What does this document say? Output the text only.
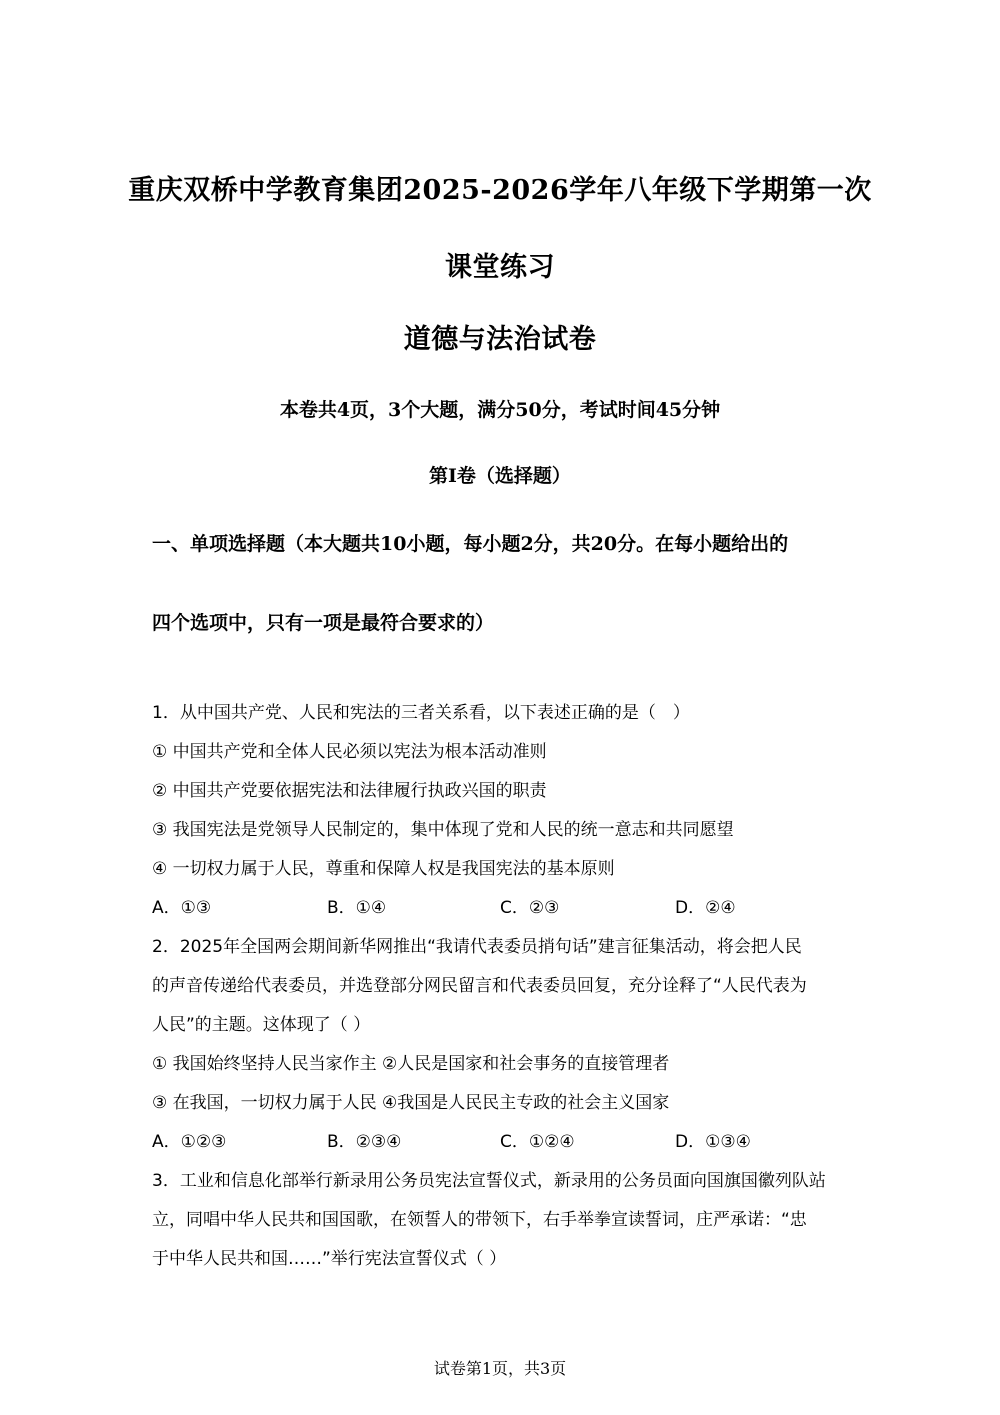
重庆双桥中学教育集团2025-2026学年八年级下学期第一次
课堂练习
道德与法治试卷
本卷共4页，3个大题，满分50分，考试时间45分钟
第I卷（选择题）
一、单项选择题（本大题共10小题，每小题2分，共20分。在每小题给出的
四个选项中，只有一项是最符合要求的）
1．从中国共产党、人民和宪法的三者关系看，以下表述正确的是（　）
① 中国共产党和全体人民必须以宪法为根本活动准则
② 中国共产党要依据宪法和法律履行执政兴国的职责
③ 我国宪法是党领导人民制定的，集中体现了党和人民的统一意志和共同愿望
④ 一切权力属于人民，尊重和保障人权是我国宪法的基本原则
A．①③	B．①④	C．②③	D．②④
2．2025年全国两会期间新华网推出“我请代表委员捎句话”建言征集活动，将会把人民
的声音传递给代表委员，并选登部分网民留言和代表委员回复，充分诠释了“人民代表为
人民”的主题。这体现了（ ）
① 我国始终坚持人民当家作主 ②人民是国家和社会事务的直接管理者
③ 在我国，一切权力属于人民 ④我国是人民民主专政的社会主义国家
A．①②③	B．②③④	C．①②④	D．①③④
3．工业和信息化部举行新录用公务员宪法宣誓仪式，新录用的公务员面向国旗国徽列队站
立，同唱中华人民共和国国歌，在领誓人的带领下，右手举拳宣读誓词，庄严承诺：“忠
于中华人民共和国……”举行宪法宣誓仪式（ ）
试卷第1页，共3页
